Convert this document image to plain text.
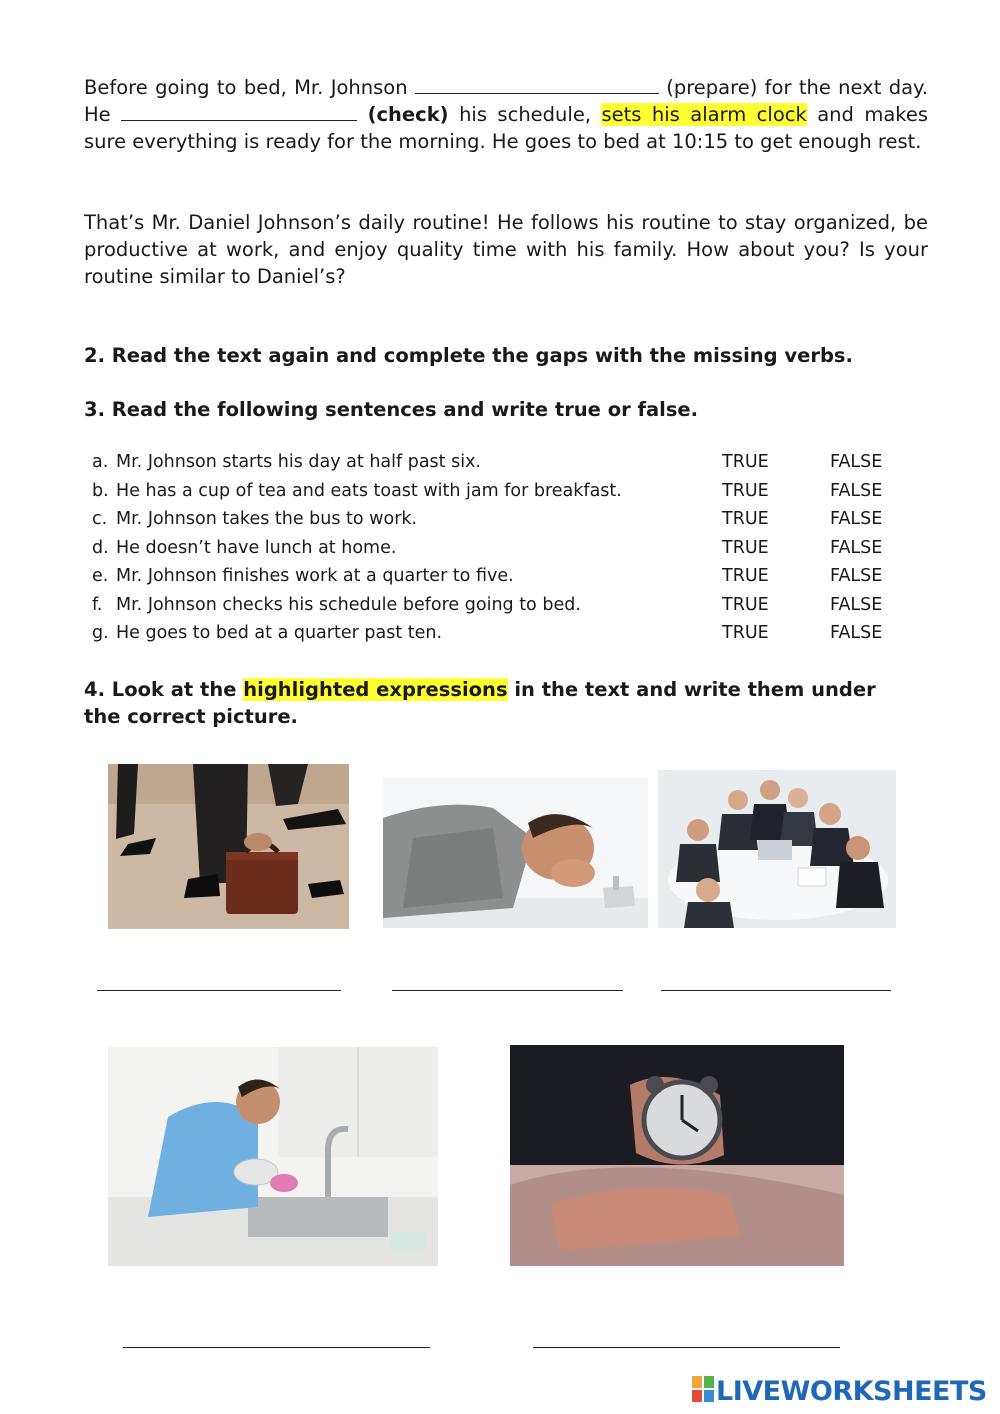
Before going to bed, Mr. Johnson	(prepare) for the next day. He	(check) his schedule, sets his alarm clock and makes sure everything is ready for the morning. He goes to bed at 10:15 to get enough rest.

That’s Mr. Daniel Johnson’s daily routine! He follows his routine to stay organized, be productive at work, and enjoy quality time with his family. How about you? Is your routine similar to Daniel’s?

2. Read the text again and complete the gaps with the missing verbs.

3. Read the following sentences and write true or false.

a. Mr. Johnson starts his day at half past six.	TRUE	FALSE
b. He has a cup of tea and eats toast with jam for breakfast.	TRUE	FALSE
c. Mr. Johnson takes the bus to work.	TRUE	FALSE
d. He doesn’t have lunch at home.	TRUE	FALSE
e. Mr. Johnson finishes work at a quarter to five.	TRUE	FALSE
f. Mr. Johnson checks his schedule before going to bed.	TRUE	FALSE
g. He goes to bed at a quarter past ten.	TRUE	FALSE

4. Look at the highlighted expressions in the text and write them under the correct picture.

LIVEWORKSHEETS
